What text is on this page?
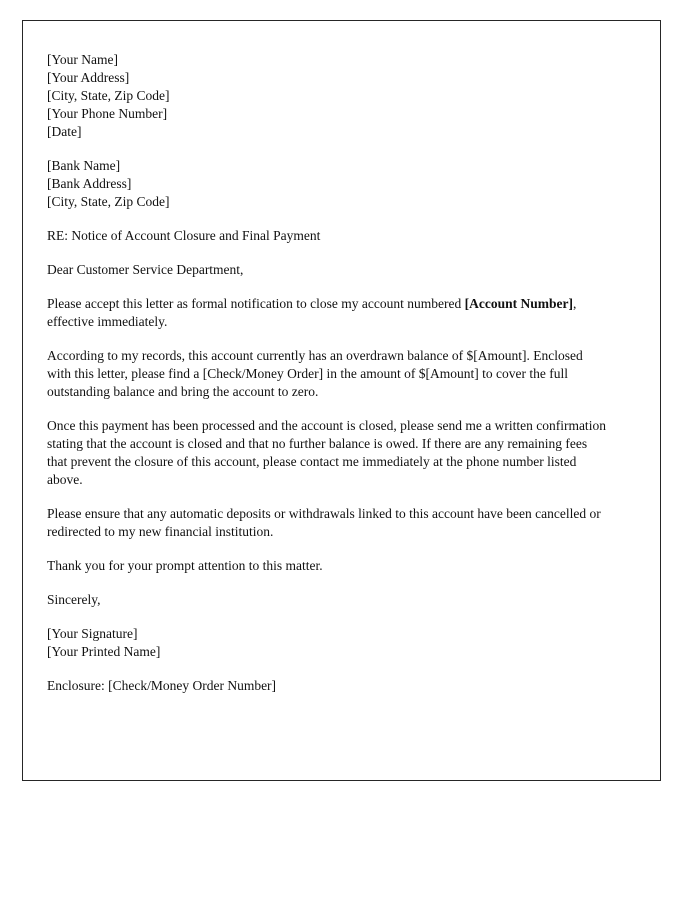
[Your Name]
[Your Address]
[City, State, Zip Code]
[Your Phone Number]
[Date]
[Bank Name]
[Bank Address]
[City, State, Zip Code]

RE: Notice of Account Closure and Final Payment

Dear Customer Service Department,

Please accept this letter as formal notification to close my account numbered [Account Number], effective immediately.

According to my records, this account currently has an overdrawn balance of $[Amount]. Enclosed with this letter, please find a [Check/Money Order] in the amount of $[Amount] to cover the full outstanding balance and bring the account to zero.

Once this payment has been processed and the account is closed, please send me a written confirmation stating that the account is closed and that no further balance is owed. If there are any remaining fees that prevent the closure of this account, please contact me immediately at the phone number listed above.

Please ensure that any automatic deposits or withdrawals linked to this account have been cancelled or redirected to my new financial institution.

Thank you for your prompt attention to this matter.

Sincerely,

[Your Signature]
[Your Printed Name]

Enclosure: [Check/Money Order Number]
